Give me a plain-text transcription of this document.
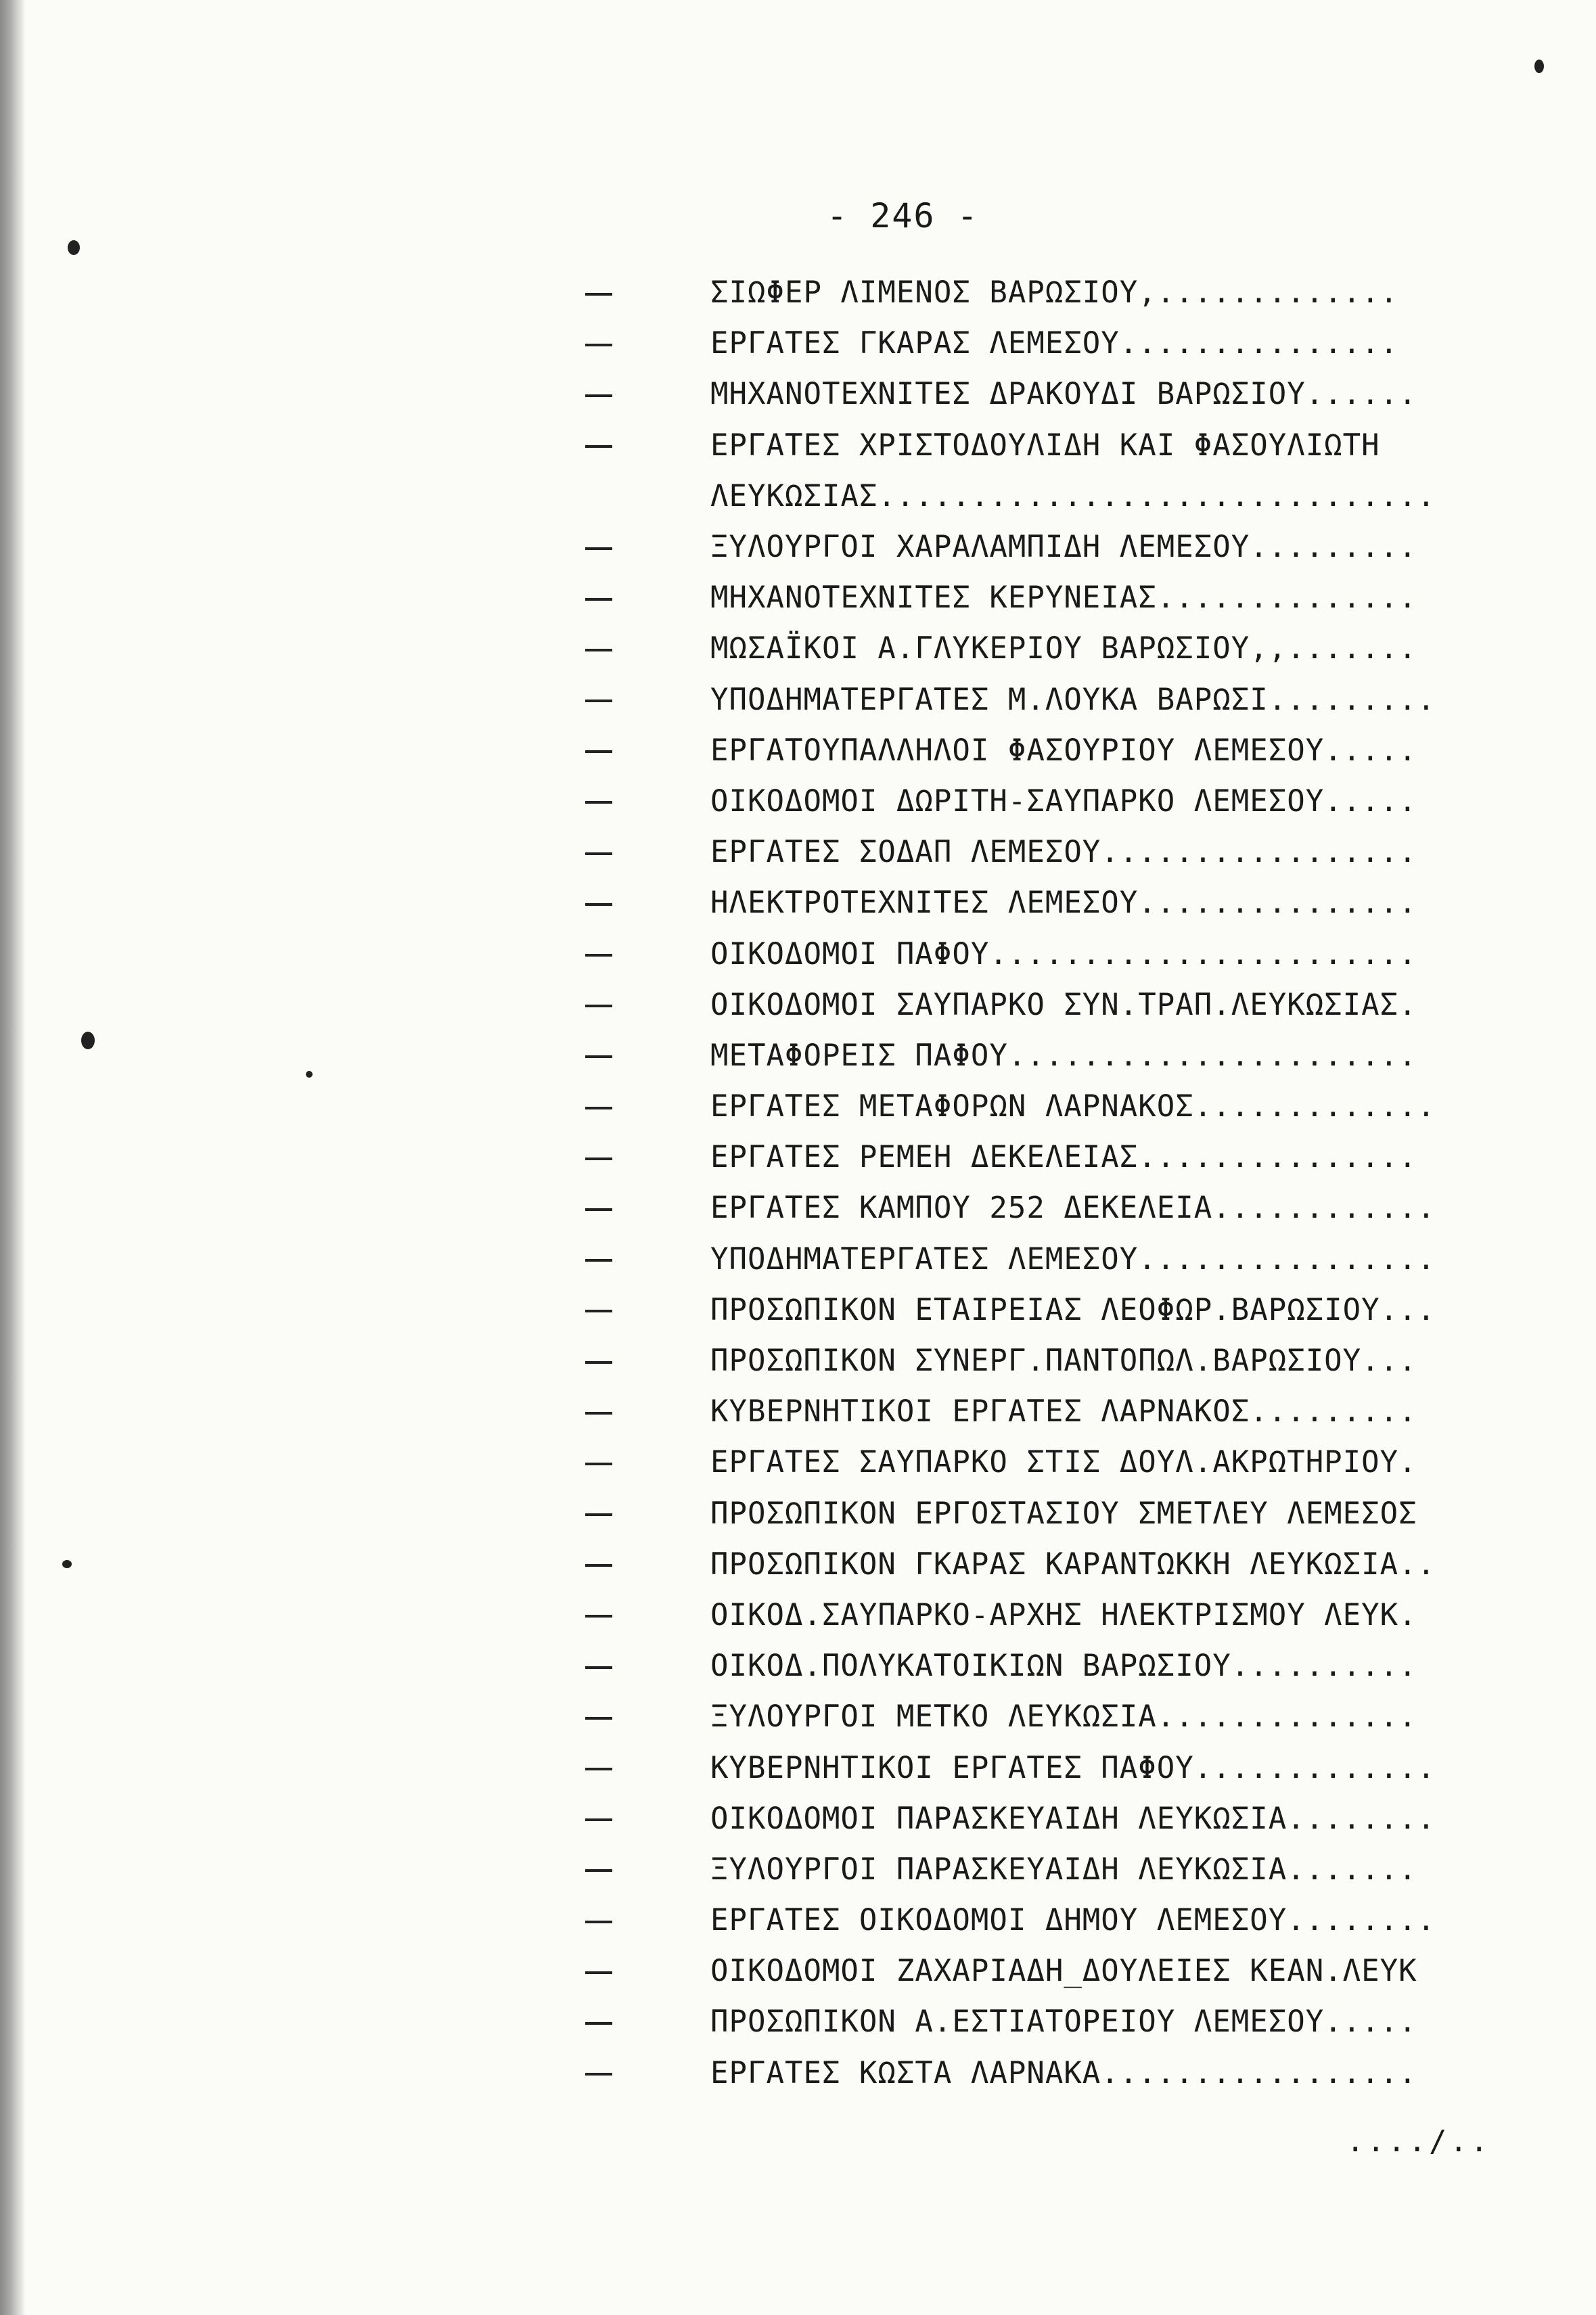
- 246 -
ΣΙΩΦΕΡ ΛΙΜΕΝΟΣ ΒΑΡΩΣΙΟΥ,.............
ΕΡΓΑΤΕΣ ΓΚΑΡΑΣ ΛΕΜΕΣΟΥ...............
ΜΗΧΑΝΟΤΕΧΝΙΤΕΣ ΔΡΑΚΟΥΔΙ ΒΑΡΩΣΙΟΥ......
ΕΡΓΑΤΕΣ ΧΡΙΣΤΟΔΟΥΛΙΔΗ ΚΑΙ ΦΑΣΟΥΛΙΩΤΗ
ΛΕΥΚΩΣΙΑΣ..............................
ΞΥΛΟΥΡΓΟΙ ΧΑΡΑΛΑΜΠΙΔΗ ΛΕΜΕΣΟΥ.........
ΜΗΧΑΝΟΤΕΧΝΙΤΕΣ ΚΕΡΥΝΕΙΑΣ..............
ΜΩΣΑΪΚΟΙ Α.ΓΛΥΚΕΡΙΟΥ ΒΑΡΩΣΙΟΥ,,.......
ΥΠΟΔΗΜΑΤΕΡΓΑΤΕΣ Μ.ΛΟΥΚΑ ΒΑΡΩΣΙ.........
ΕΡΓΑΤΟΥΠΑΛΛΗΛΟΙ ΦΑΣΟΥΡΙΟΥ ΛΕΜΕΣΟΥ.....
ΟΙΚΟΔΟΜΟΙ ΔΩΡΙΤΗ-ΣΑΥΠΑΡΚΟ ΛΕΜΕΣΟΥ.....
ΕΡΓΑΤΕΣ ΣΟΔΑΠ ΛΕΜΕΣΟΥ.................
ΗΛΕΚΤΡΟΤΕΧΝΙΤΕΣ ΛΕΜΕΣΟΥ...............
ΟΙΚΟΔΟΜΟΙ ΠΑΦΟΥ.......................
ΟΙΚΟΔΟΜΟΙ ΣΑΥΠΑΡΚΟ ΣΥΝ.ΤΡΑΠ.ΛΕΥΚΩΣΙΑΣ.
ΜΕΤΑΦΟΡΕΙΣ ΠΑΦΟΥ......................
ΕΡΓΑΤΕΣ ΜΕΤΑΦΟΡΩΝ ΛΑΡΝΑΚΟΣ.............
ΕΡΓΑΤΕΣ ΡΕΜΕΗ ΔΕΚΕΛΕΙΑΣ...............
ΕΡΓΑΤΕΣ ΚΑΜΠΟΥ 252 ΔΕΚΕΛΕΙΑ............
ΥΠΟΔΗΜΑΤΕΡΓΑΤΕΣ ΛΕΜΕΣΟΥ................
ΠΡΟΣΩΠΙΚΟΝ ΕΤΑΙΡΕΙΑΣ ΛΕΟΦΩΡ.ΒΑΡΩΣΙΟΥ...
ΠΡΟΣΩΠΙΚΟΝ ΣΥΝΕΡΓ.ΠΑΝΤΟΠΩΛ.ΒΑΡΩΣΙΟΥ...
ΚΥΒΕΡΝΗΤΙΚΟΙ ΕΡΓΑΤΕΣ ΛΑΡΝΑΚΟΣ.........
ΕΡΓΑΤΕΣ ΣΑΥΠΑΡΚΟ ΣΤΙΣ ΔΟΥΛ.ΑΚΡΩΤΗΡΙΟΥ.
ΠΡΟΣΩΠΙΚΟΝ ΕΡΓΟΣΤΑΣΙΟΥ ΣΜΕΤΛΕΥ ΛΕΜΕΣΟΣ
ΠΡΟΣΩΠΙΚΟΝ ΓΚΑΡΑΣ ΚΑΡΑΝΤΩΚΚΗ ΛΕΥΚΩΣΙΑ..
ΟΙΚΟΔ.ΣΑΥΠΑΡΚΟ-ΑΡΧΗΣ ΗΛΕΚΤΡΙΣΜΟΥ ΛΕΥΚ.
ΟΙΚΟΔ.ΠΟΛΥΚΑΤΟΙΚΙΩΝ ΒΑΡΩΣΙΟΥ..........
ΞΥΛΟΥΡΓΟΙ ΜΕΤΚΟ ΛΕΥΚΩΣΙΑ..............
ΚΥΒΕΡΝΗΤΙΚΟΙ ΕΡΓΑΤΕΣ ΠΑΦΟΥ.............
ΟΙΚΟΔΟΜΟΙ ΠΑΡΑΣΚΕΥΑΙΔΗ ΛΕΥΚΩΣΙΑ........
ΞΥΛΟΥΡΓΟΙ ΠΑΡΑΣΚΕΥΑΙΔΗ ΛΕΥΚΩΣΙΑ.......
ΕΡΓΑΤΕΣ ΟΙΚΟΔΟΜΟΙ ΔΗΜΟΥ ΛΕΜΕΣΟΥ........
ΟΙΚΟΔΟΜΟΙ ΖΑΧΑΡΙΑΔΗ_ΔΟΥΛΕΙΕΣ ΚΕΑΝ.ΛΕΥΚ
ΠΡΟΣΩΠΙΚΟΝ Α.ΕΣΤΙΑΤΟΡΕΙΟΥ ΛΕΜΕΣΟΥ.....
ΕΡΓΑΤΕΣ ΚΩΣΤΑ ΛΑΡΝΑΚΑ.................
..../..
